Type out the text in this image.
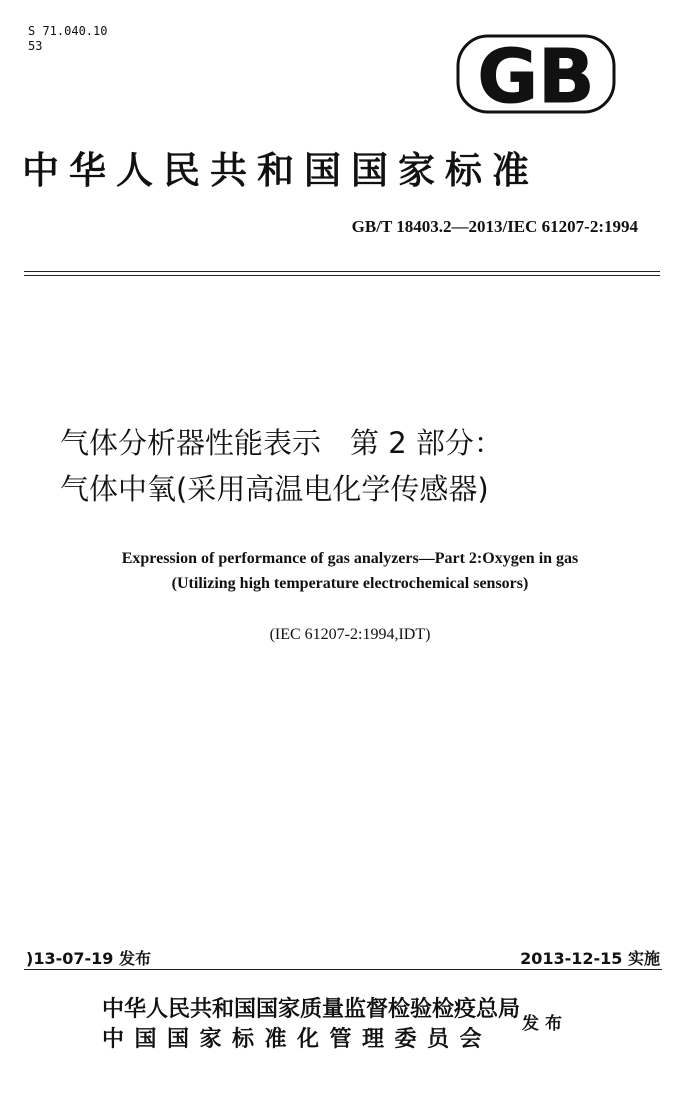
S 71.040.10
53	GB
中华人民共和国国家标准
GB/T 18403.2—2013/IEC 61207-2:1994
气体分析器性能表示　第 2 部分：
气体中氧(采用高温电化学传感器)
Expression of performance of gas analyzers—Part 2:Oxygen in gas
(Utilizing high temperature electrochemical sensors)
(IEC 61207-2:1994,IDT)
)13-07-19 发布	2013-12-15 实施
中华人民共和国国家质量监督检验检疫总局
中国国家标准化管理委员会
发布
